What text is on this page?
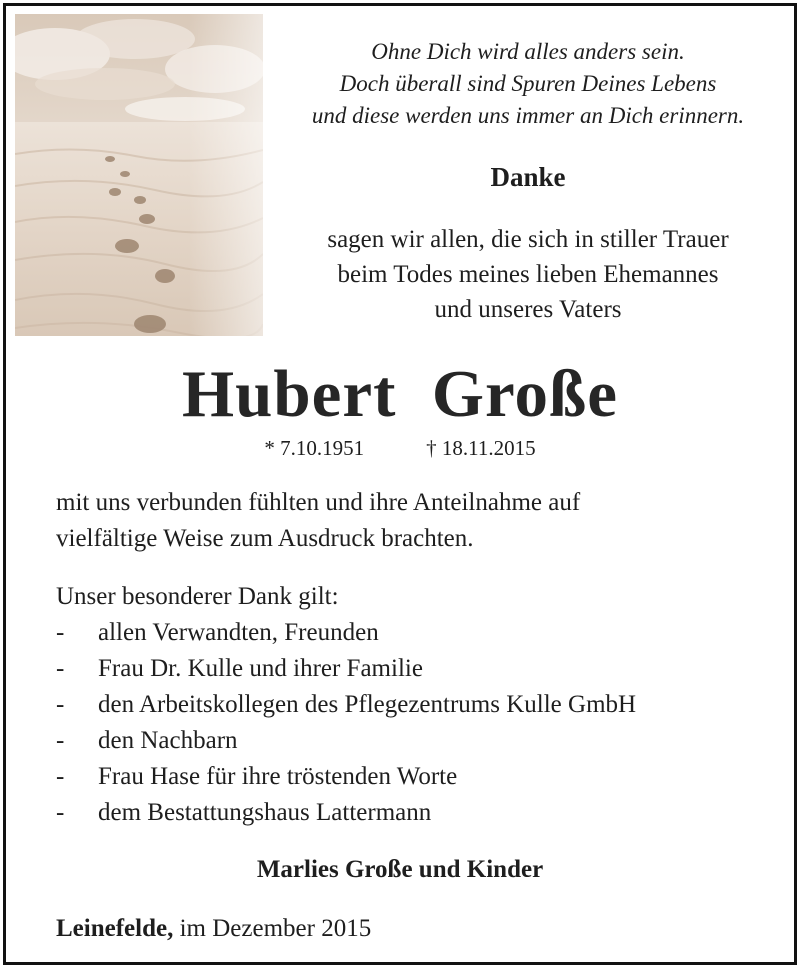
Ohne Dich wird alles anders sein.
Doch überall sind Spuren Deines Lebens
und diese werden uns immer an Dich erinnern.
Danke
sagen wir allen, die sich in stiller Trauer
beim Todes meines lieben Ehemannes
und unseres Vaters
Hubert  Große
* 7.10.1951	† 18.11.2015
mit uns verbunden fühlten und ihre Anteilnahme auf
vielfältige Weise zum Ausdruck brachten.
Unser besonderer Dank gilt:
- allen Verwandten, Freunden
- Frau Dr. Kulle und ihrer Familie
- den Arbeitskollegen des Pflegezentrums Kulle GmbH
- den Nachbarn
- Frau Hase für ihre tröstenden Worte
- dem Bestattungshaus Lattermann
Marlies Große und Kinder
Leinefelde, im Dezember 2015
